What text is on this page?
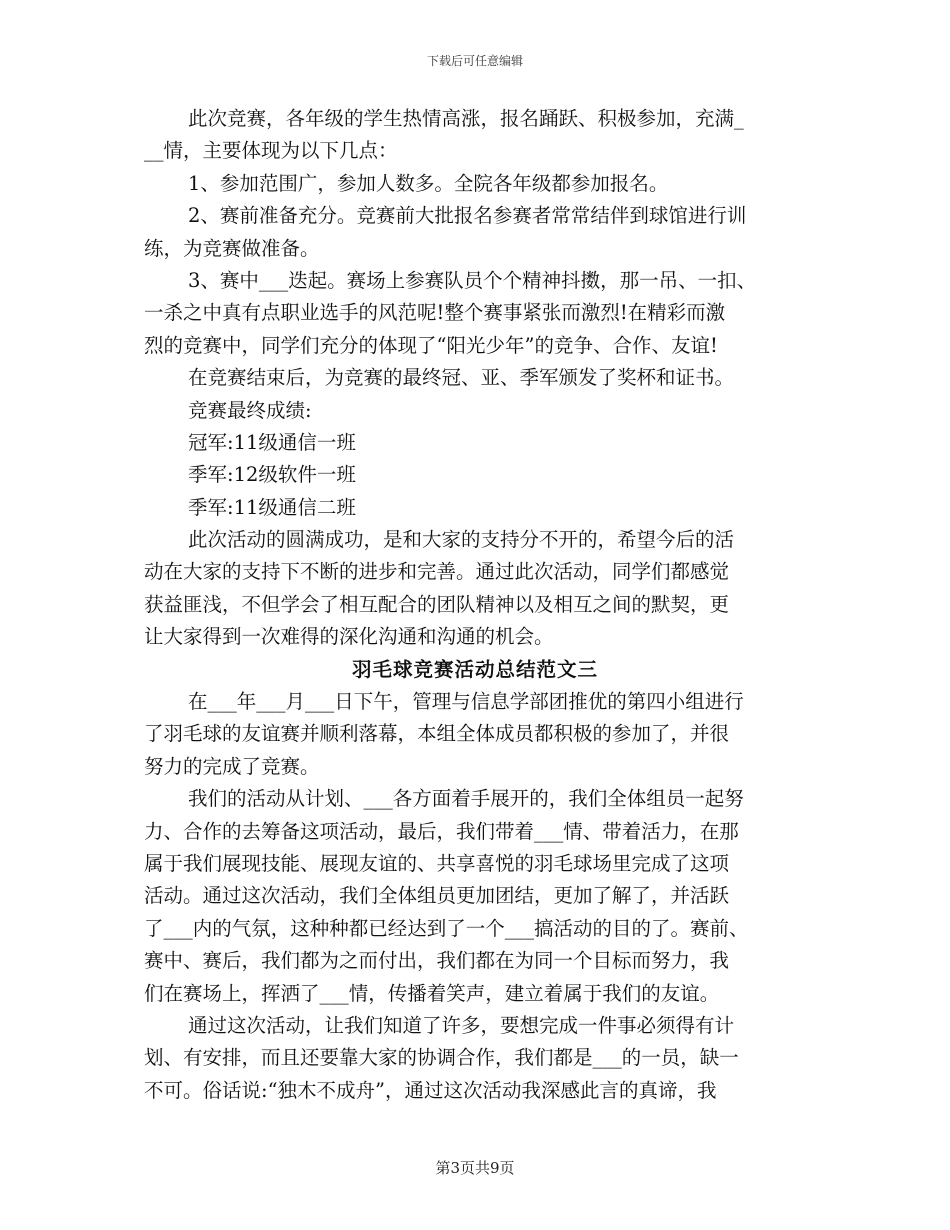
下载后可任意编辑
此次竞赛，各年级的学生热情高涨，报名踊跃、积极参加，充满_
__情，主要体现为以下几点：
1、参加范围广，参加人数多。全院各年级都参加报名。
2、赛前准备充分。竞赛前大批报名参赛者常常结伴到球馆进行训
练，为竞赛做准备。
3、赛中___迭起。赛场上参赛队员个个精神抖擞，那一吊、一扣、
一杀之中真有点职业选手的风范呢!整个赛事紧张而激烈!在精彩而激
烈的竞赛中，同学们充分的体现了“阳光少年”的竞争、合作、友谊!
在竞赛结束后，为竞赛的最终冠、亚、季军颁发了奖杯和证书。
竞赛最终成绩:
冠军:11级通信一班
季军:12级软件一班
季军:11级通信二班
此次活动的圆满成功，是和大家的支持分不开的，希望今后的活
动在大家的支持下不断的进步和完善。通过此次活动，同学们都感觉
获益匪浅，不但学会了相互配合的团队精神以及相互之间的默契，更
让大家得到一次难得的深化沟通和沟通的机会。
羽毛球竞赛活动总结范文三
在___年___月___日下午，管理与信息学部团推优的第四小组进行
了羽毛球的友谊赛并顺利落幕，本组全体成员都积极的参加了，并很
努力的完成了竞赛。
我们的活动从计划、___各方面着手展开的，我们全体组员一起努
力、合作的去筹备这项活动，最后，我们带着___情、带着活力，在那
属于我们展现技能、展现友谊的、共享喜悦的羽毛球场里完成了这项
活动。通过这次活动，我们全体组员更加团结，更加了解了，并活跃
了___内的气氛，这种种都已经达到了一个___搞活动的目的了。赛前、
赛中、赛后，我们都为之而付出，我们都在为同一个目标而努力，我
们在赛场上，挥洒了___情，传播着笑声，建立着属于我们的友谊。
通过这次活动，让我们知道了许多，要想完成一件事必须得有计
划、有安排，而且还要靠大家的协调合作，我们都是___的一员，缺一
不可。俗话说:“独木不成舟”，通过这次活动我深感此言的真谛，我
第3页共9页
